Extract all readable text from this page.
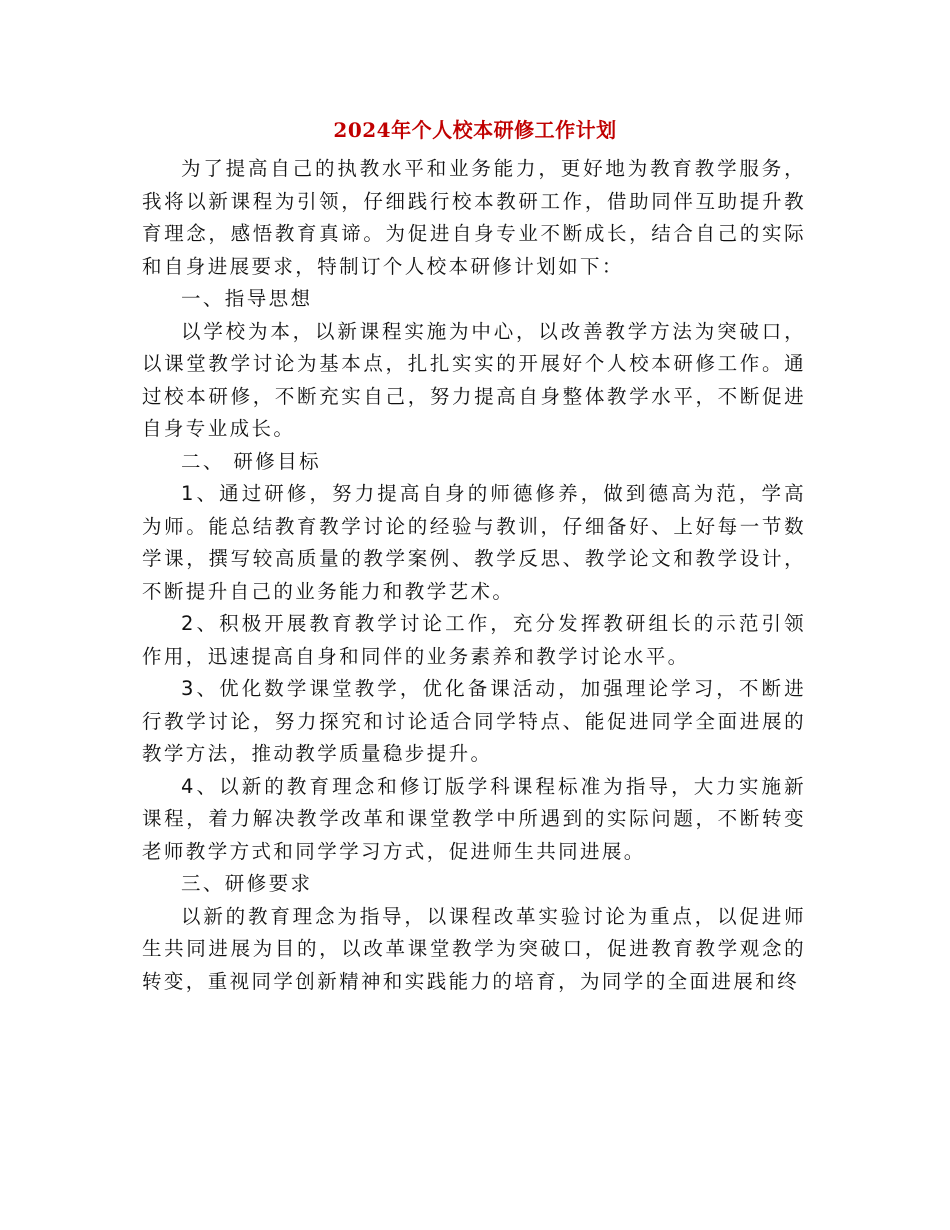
2024年个人校本研修工作计划

为了提高自己的执教水平和业务能力，更好地为教育教学服务，我将以新课程为引领，仔细践行校本教研工作，借助同伴互助提升教育理念，感悟教育真谛。为促进自身专业不断成长，结合自己的实际和自身进展要求，特制订个人校本研修计划如下：

一、指导思想

以学校为本，以新课程实施为中心，以改善教学方法为突破口，以课堂教学讨论为基本点，扎扎实实的开展好个人校本研修工作。通过校本研修，不断充实自己，努力提高自身整体教学水平，不断促进自身专业成长。

二、 研修目标

1、通过研修，努力提高自身的师德修养，做到德高为范，学高为师。能总结教育教学讨论的经验与教训，仔细备好、上好每一节数学课，撰写较高质量的教学案例、教学反思、教学论文和教学设计，不断提升自己的业务能力和教学艺术。

2、积极开展教育教学讨论工作，充分发挥教研组长的示范引领作用，迅速提高自身和同伴的业务素养和教学讨论水平。

3、优化数学课堂教学，优化备课活动，加强理论学习，不断进行教学讨论，努力探究和讨论适合同学特点、能促进同学全面进展的教学方法，推动教学质量稳步提升。

4、以新的教育理念和修订版学科课程标准为指导，大力实施新课程，着力解决教学改革和课堂教学中所遇到的实际问题，不断转变老师教学方式和同学学习方式，促进师生共同进展。

三、研修要求

以新的教育理念为指导，以课程改革实验讨论为重点，以促进师生共同进展为目的，以改革课堂教学为突破口，促进教育教学观念的转变，重视同学创新精神和实践能力的培育，为同学的全面进展和终
